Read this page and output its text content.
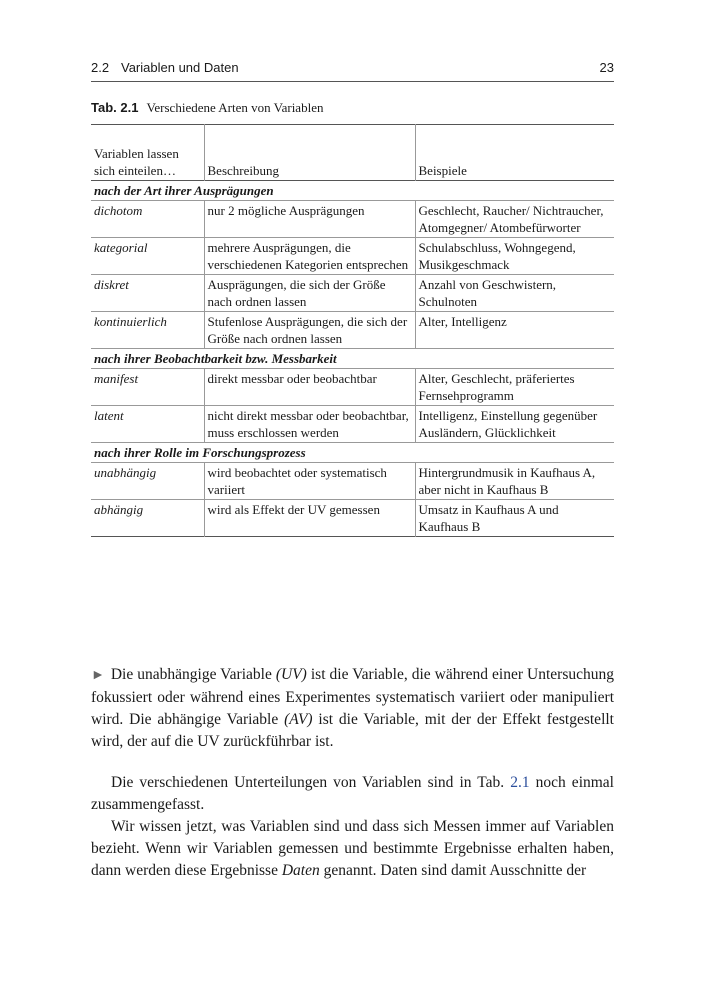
2.2 Variablen und Daten	23
Tab. 2.1 Verschiedene Arten von Variablen
Variablen lassen sich einteilen…	Beschreibung	Beispiele
nach der Art ihrer Ausprägungen		
dichotom	nur 2 mögliche Ausprägungen	Geschlecht, Raucher/ Nichtraucher, Atomgegner/ Atombefürworter
kategorial	mehrere Ausprägungen, die verschiedenen Kategorien entsprechen	Schulabschluss, Wohngegend, Musikgeschmack
diskret	Ausprägungen, die sich der Größe nach ordnen lassen	Anzahl von Geschwistern, Schulnoten
kontinuierlich	Stufenlose Ausprägungen, die sich der Größe nach ordnen lassen	Alter, Intelligenz
nach ihrer Beobachtbarkeit bzw. Messbarkeit		
manifest	direkt messbar oder beobachtbar	Alter, Geschlecht, präferiertes Fernsehprogramm
latent	nicht direkt messbar oder beobachtbar, muss erschlossen werden	Intelligenz, Einstellung gegenüber Ausländern, Glücklichkeit
nach ihrer Rolle im Forschungsprozess		
unabhängig	wird beobachtet oder systematisch variiert	Hintergrundmusik in Kaufhaus A, aber nicht in Kaufhaus B
abhängig	wird als Effekt der UV gemessen	Umsatz in Kaufhaus A und Kaufhaus B

► Die unabhängige Variable (UV) ist die Variable, die während einer Untersuchung fokussiert oder während eines Experimentes systematisch variiert oder manipuliert wird. Die abhängige Variable (AV) ist die Variable, mit der der Effekt festgestellt wird, der auf die UV zurückführbar ist.

Die verschiedenen Unterteilungen von Variablen sind in Tab. 2.1 noch einmal zusammengefasst.

Wir wissen jetzt, was Variablen sind und dass sich Messen immer auf Variablen bezieht. Wenn wir Variablen gemessen und bestimmte Ergebnisse erhalten haben, dann werden diese Ergebnisse Daten genannt. Daten sind damit Ausschnitte der
